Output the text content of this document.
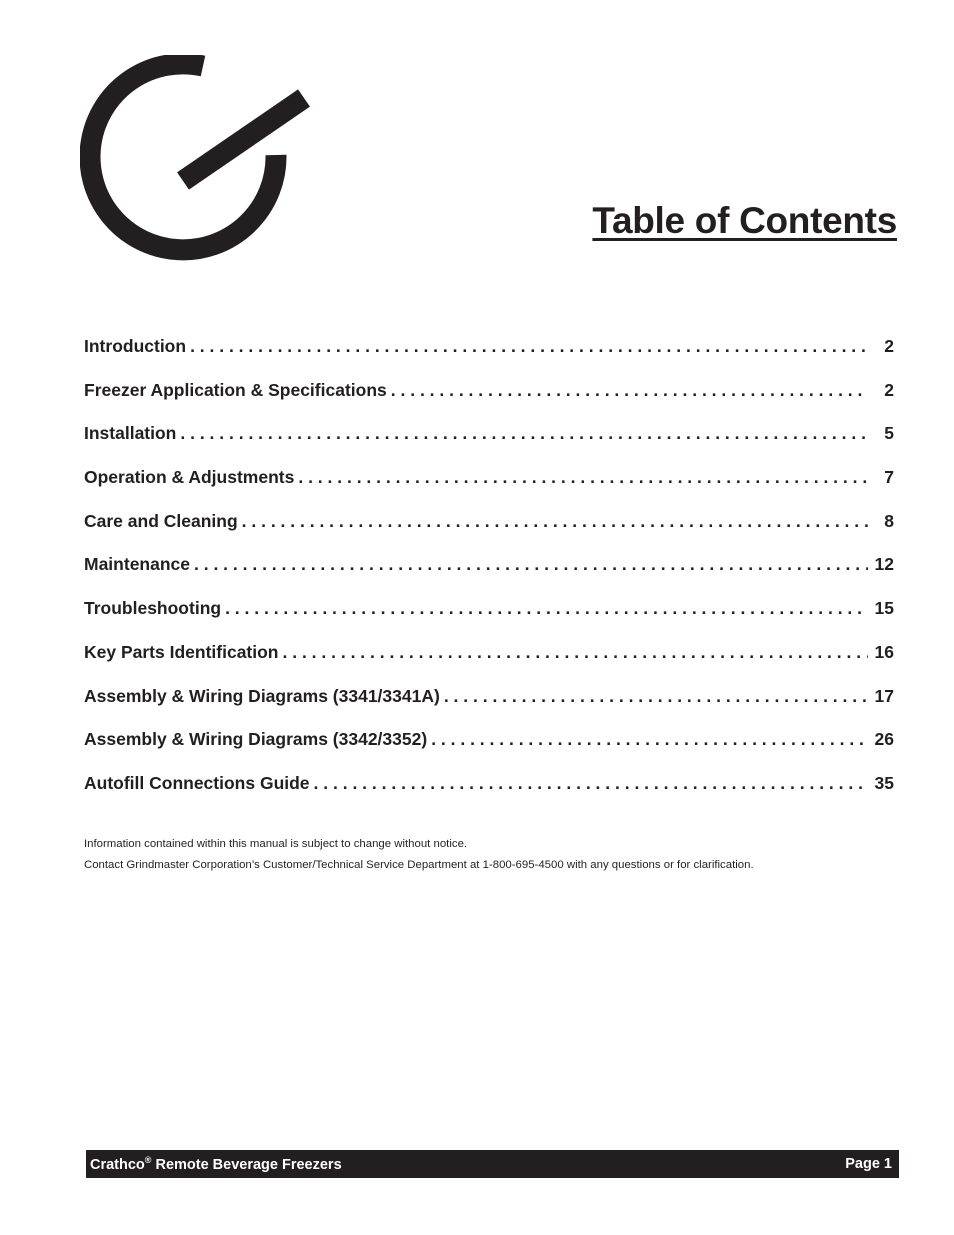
Table of Contents
Introduction . . .	2
Freezer Application & Specifications . . .	2
Installation . . .	5
Operation & Adjustments . . .	7
Care and Cleaning . . .	8
Maintenance . . .	12
Troubleshooting . . .	15
Key Parts Identification . . .	16
Assembly & Wiring Diagrams (3341/3341A) . . .	17
Assembly & Wiring Diagrams (3342/3352) . . .	26
Autofill Connections Guide . . .	35

Information contained within this manual is subject to change without notice.

Contact Grindmaster Corporation’s Customer/Technical Service Department at 1-800-695-4500 with any questions or for clarification.

Crathco® Remote Beverage Freezers	Page 1
